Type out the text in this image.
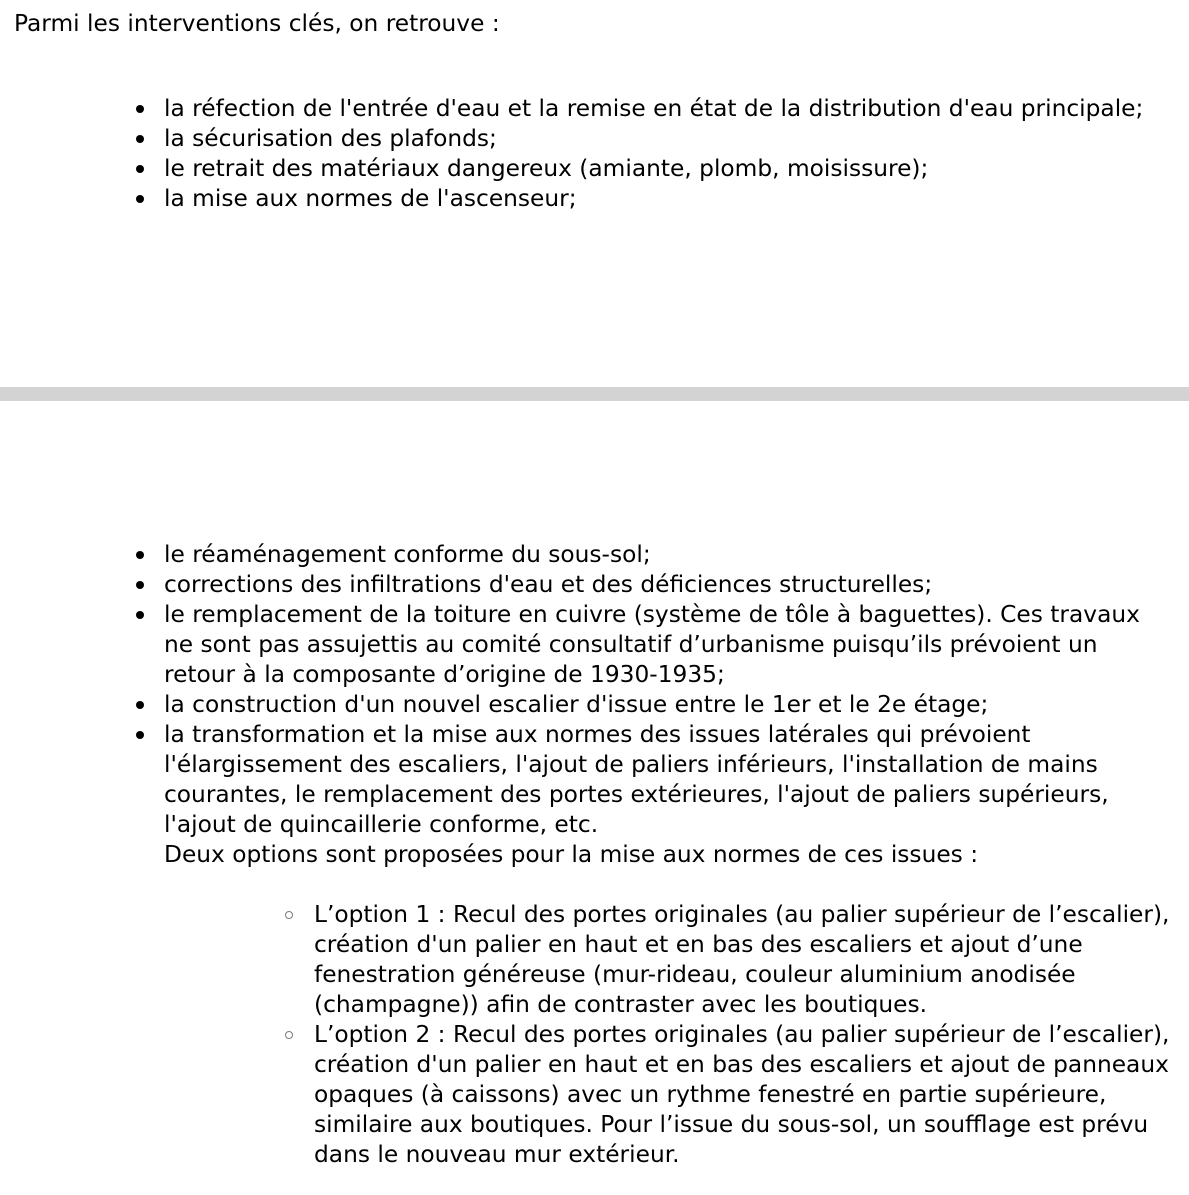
Parmi les interventions clés, on retrouve :

la réfection de l'entrée d'eau et la remise en état de la distribution d'eau principale;
la sécurisation des plafonds;
le retrait des matériaux dangereux (amiante, plomb, moisissure);
la mise aux normes de l'ascenseur;
le réaménagement conforme du sous-sol;
corrections des infiltrations d'eau et des déficiences structurelles;
le remplacement de la toiture en cuivre (système de tôle à baguettes). Ces travaux ne sont pas assujettis au comité consultatif d’urbanisme puisqu’ils prévoient un retour à la composante d’origine de 1930-1935;
la construction d'un nouvel escalier d'issue entre le 1er et le 2e étage;
la transformation et la mise aux normes des issues latérales qui prévoient l'élargissement des escaliers, l'ajout de paliers inférieurs, l'installation de mains courantes, le remplacement des portes extérieures, l'ajout de paliers supérieurs, l'ajout de quincaillerie conforme, etc.
Deux options sont proposées pour la mise aux normes de ces issues :
L’option 1 : Recul des portes originales (au palier supérieur de l’escalier), création d'un palier en haut et en bas des escaliers et ajout d’une fenestration généreuse (mur-rideau, couleur aluminium anodisée (champagne)) afin de contraster avec les boutiques.
L’option 2 : Recul des portes originales (au palier supérieur de l’escalier), création d'un palier en haut et en bas des escaliers et ajout de panneaux opaques (à caissons) avec un rythme fenestré en partie supérieure, similaire aux boutiques. Pour l’issue du sous-sol, un soufflage est prévu dans le nouveau mur extérieur.
